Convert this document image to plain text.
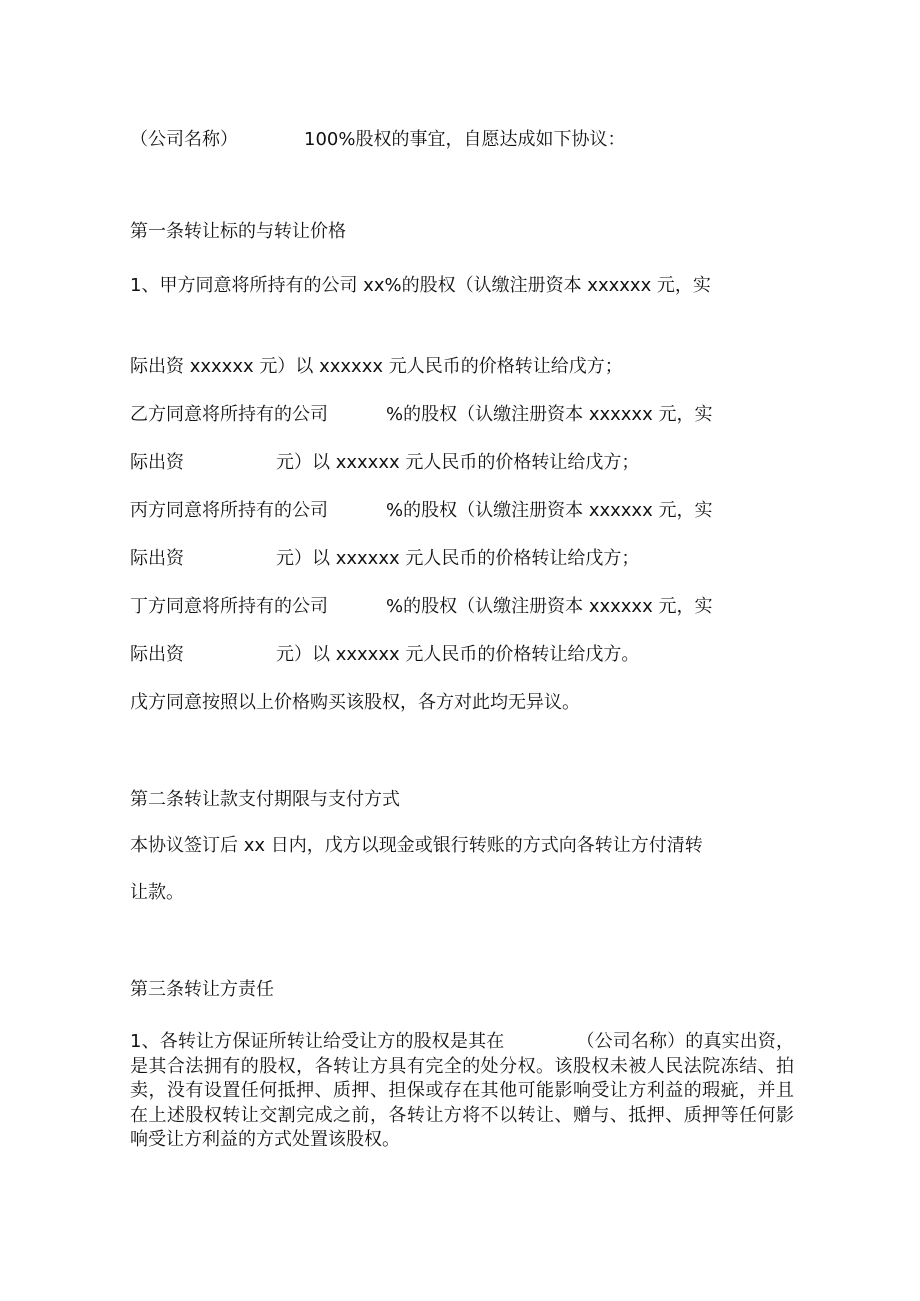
（公司名称）	100%股权的事宜，自愿达成如下协议：
第一条转让标的与转让价格
1、甲方同意将所持有的公司 xx%的股权（认缴注册资本 xxxxxx 元，实
际出资 xxxxxx 元）以 xxxxxx 元人民币的价格转让给戊方；
乙方同意将所持有的公司	%的股权（认缴注册资本 xxxxxx 元，实
际出资	元）以 xxxxxx 元人民币的价格转让给戊方；
丙方同意将所持有的公司	%的股权（认缴注册资本 xxxxxx 元，实
际出资	元）以 xxxxxx 元人民币的价格转让给戊方；
丁方同意将所持有的公司	%的股权（认缴注册资本 xxxxxx 元，实
际出资	元）以 xxxxxx 元人民币的价格转让给戊方。
戊方同意按照以上价格购买该股权，各方对此均无异议。
第二条转让款支付期限与支付方式
本协议签订后 xx 日内，戊方以现金或银行转账的方式向各转让方付清转
让款。
第三条转让方责任
1、各转让方保证所转让给受让方的股权是其在	（公司名称）的真实出资，是其合法拥有的股权，各转让方具有完全的处分权。该股权未被人民法院冻结、拍卖，没有设置任何抵押、质押、担保或存在其他可能影响受让方利益的瑕疵，并且在上述股权转让交割完成之前，各转让方将不以转让、赠与、抵押、质押等任何影响受让方利益的方式处置该股权。
